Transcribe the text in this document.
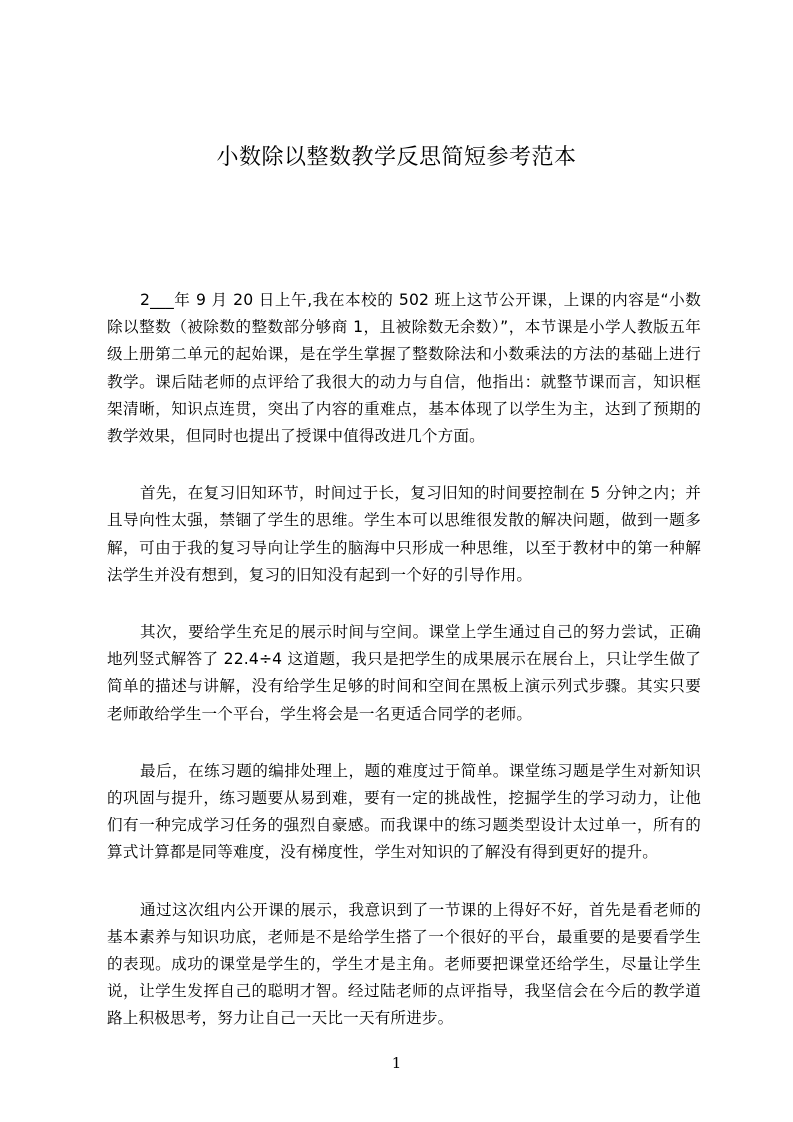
小数除以整数教学反思简短参考范本

2___年 9 月 20 日上午,我在本校的 502 班上这节公开课，上课的内容是“小数除以整数（被除数的整数部分够商 1，且被除数无余数）”，本节课是小学人教版五年级上册第二单元的起始课，是在学生掌握了整数除法和小数乘法的方法的基础上进行教学。课后陆老师的点评给了我很大的动力与自信，他指出：就整节课而言，知识框架清晰，知识点连贯，突出了内容的重难点，基本体现了以学生为主，达到了预期的教学效果，但同时也提出了授课中值得改进几个方面。

首先，在复习旧知环节，时间过于长，复习旧知的时间要控制在 5 分钟之内；并且导向性太强，禁锢了学生的思维。学生本可以思维很发散的解决问题，做到一题多解，可由于我的复习导向让学生的脑海中只形成一种思维，以至于教材中的第一种解法学生并没有想到，复习的旧知没有起到一个好的引导作用。

其次，要给学生充足的展示时间与空间。课堂上学生通过自己的努力尝试，正确地列竖式解答了 22.4÷4 这道题，我只是把学生的成果展示在展台上，只让学生做了简单的描述与讲解，没有给学生足够的时间和空间在黑板上演示列式步骤。其实只要老师敢给学生一个平台，学生将会是一名更适合同学的老师。

最后，在练习题的编排处理上，题的难度过于简单。课堂练习题是学生对新知识的巩固与提升，练习题要从易到难，要有一定的挑战性，挖掘学生的学习动力，让他们有一种完成学习任务的强烈自豪感。而我课中的练习题类型设计太过单一，所有的算式计算都是同等难度，没有梯度性，学生对知识的了解没有得到更好的提升。

通过这次组内公开课的展示，我意识到了一节课的上得好不好，首先是看老师的基本素养与知识功底，老师是不是给学生搭了一个很好的平台，最重要的是要看学生的表现。成功的课堂是学生的，学生才是主角。老师要把课堂还给学生，尽量让学生说，让学生发挥自己的聪明才智。经过陆老师的点评指导，我坚信会在今后的教学道路上积极思考，努力让自己一天比一天有所进步。

1
